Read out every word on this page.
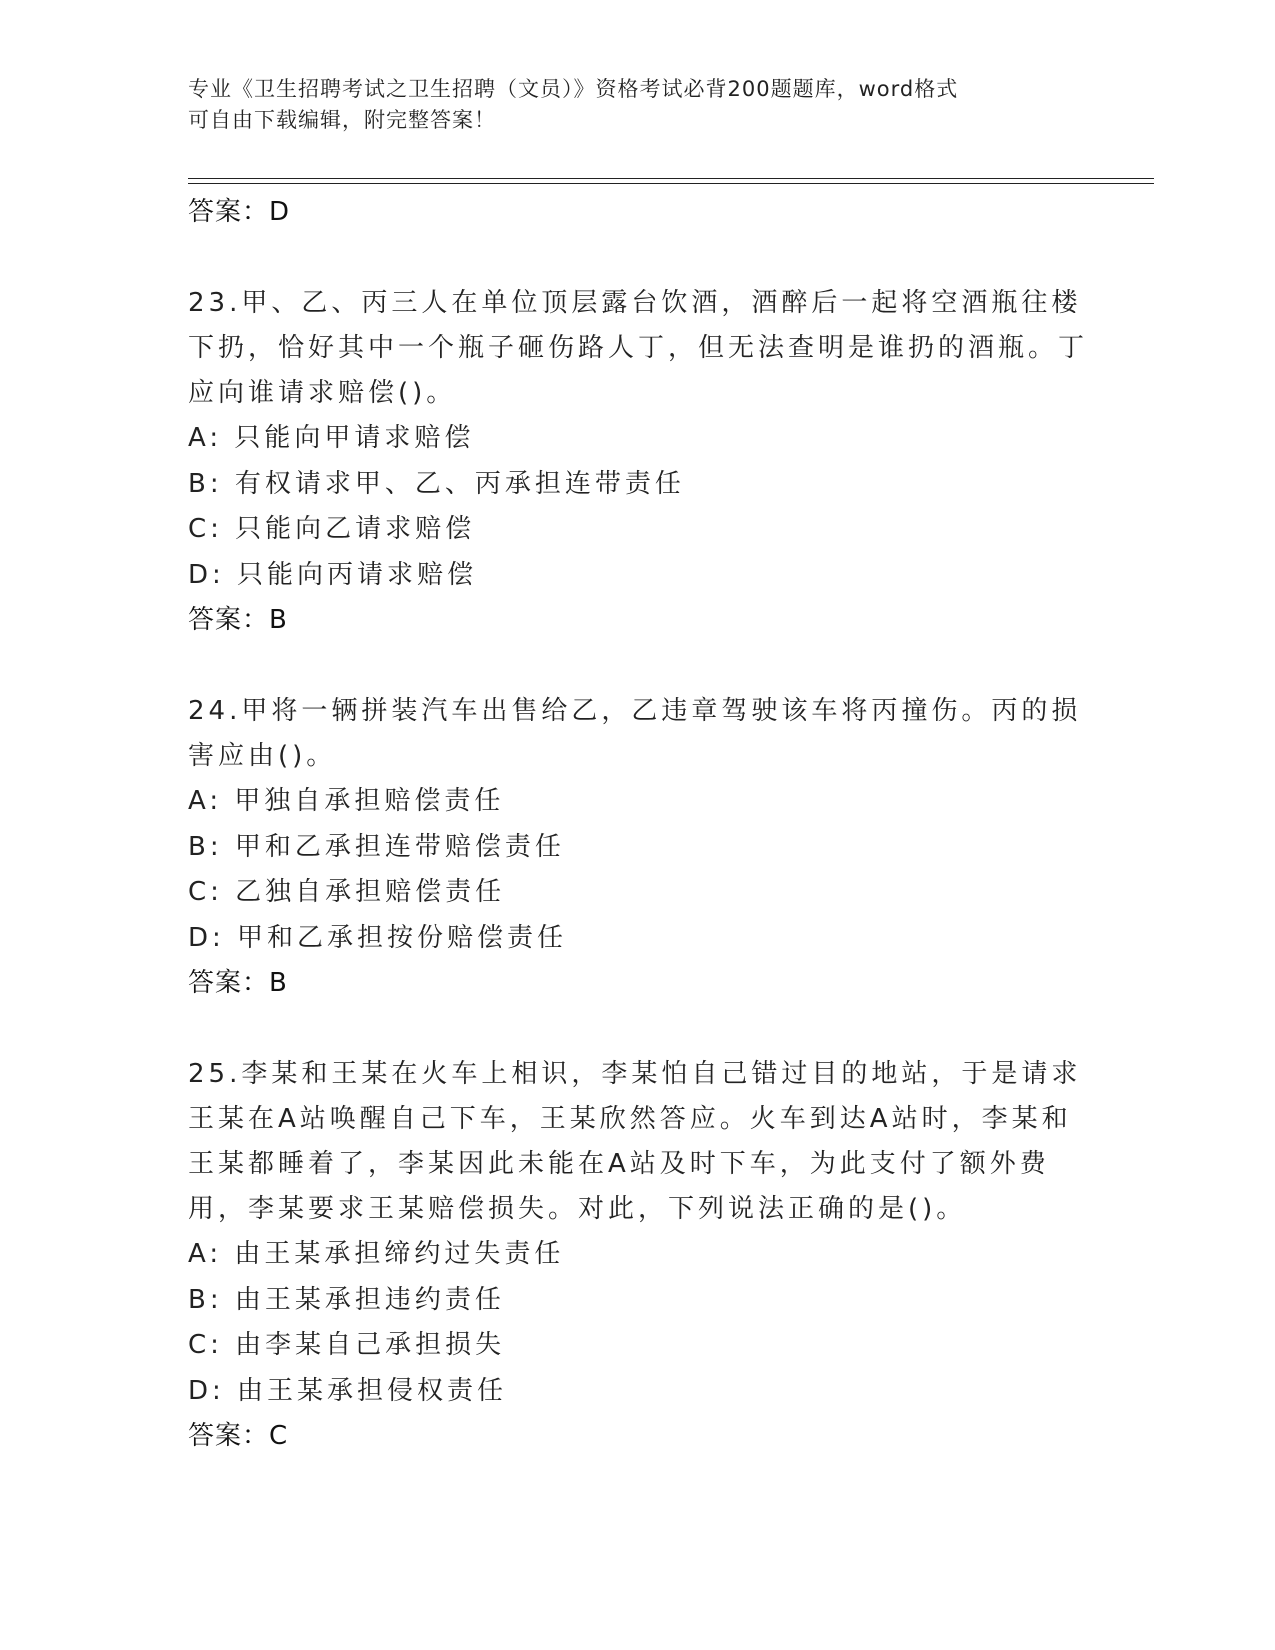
专业《卫生招聘考试之卫生招聘（文员）》资格考试必背200题题库，word格式
可自由下载编辑，附完整答案！
答案：D
23.甲、乙、丙三人在单位顶层露台饮酒，酒醉后一起将空酒瓶往楼下扔，恰好其中一个瓶子砸伤路人丁，但无法查明是谁扔的酒瓶。丁应向谁请求赔偿()。
A: 只能向甲请求赔偿
B: 有权请求甲、乙、丙承担连带责任
C: 只能向乙请求赔偿
D: 只能向丙请求赔偿
答案：B
24.甲将一辆拼装汽车出售给乙，乙违章驾驶该车将丙撞伤。丙的损害应由()。
A: 甲独自承担赔偿责任
B: 甲和乙承担连带赔偿责任
C: 乙独自承担赔偿责任
D: 甲和乙承担按份赔偿责任
答案：B
25.李某和王某在火车上相识，李某怕自己错过目的地站，于是请求王某在A站唤醒自己下车，王某欣然答应。火车到达A站时，李某和王某都睡着了，李某因此未能在A站及时下车，为此支付了额外费用，李某要求王某赔偿损失。对此，下列说法正确的是()。
A: 由王某承担缔约过失责任
B: 由王某承担违约责任
C: 由李某自己承担损失
D: 由王某承担侵权责任
答案：C
